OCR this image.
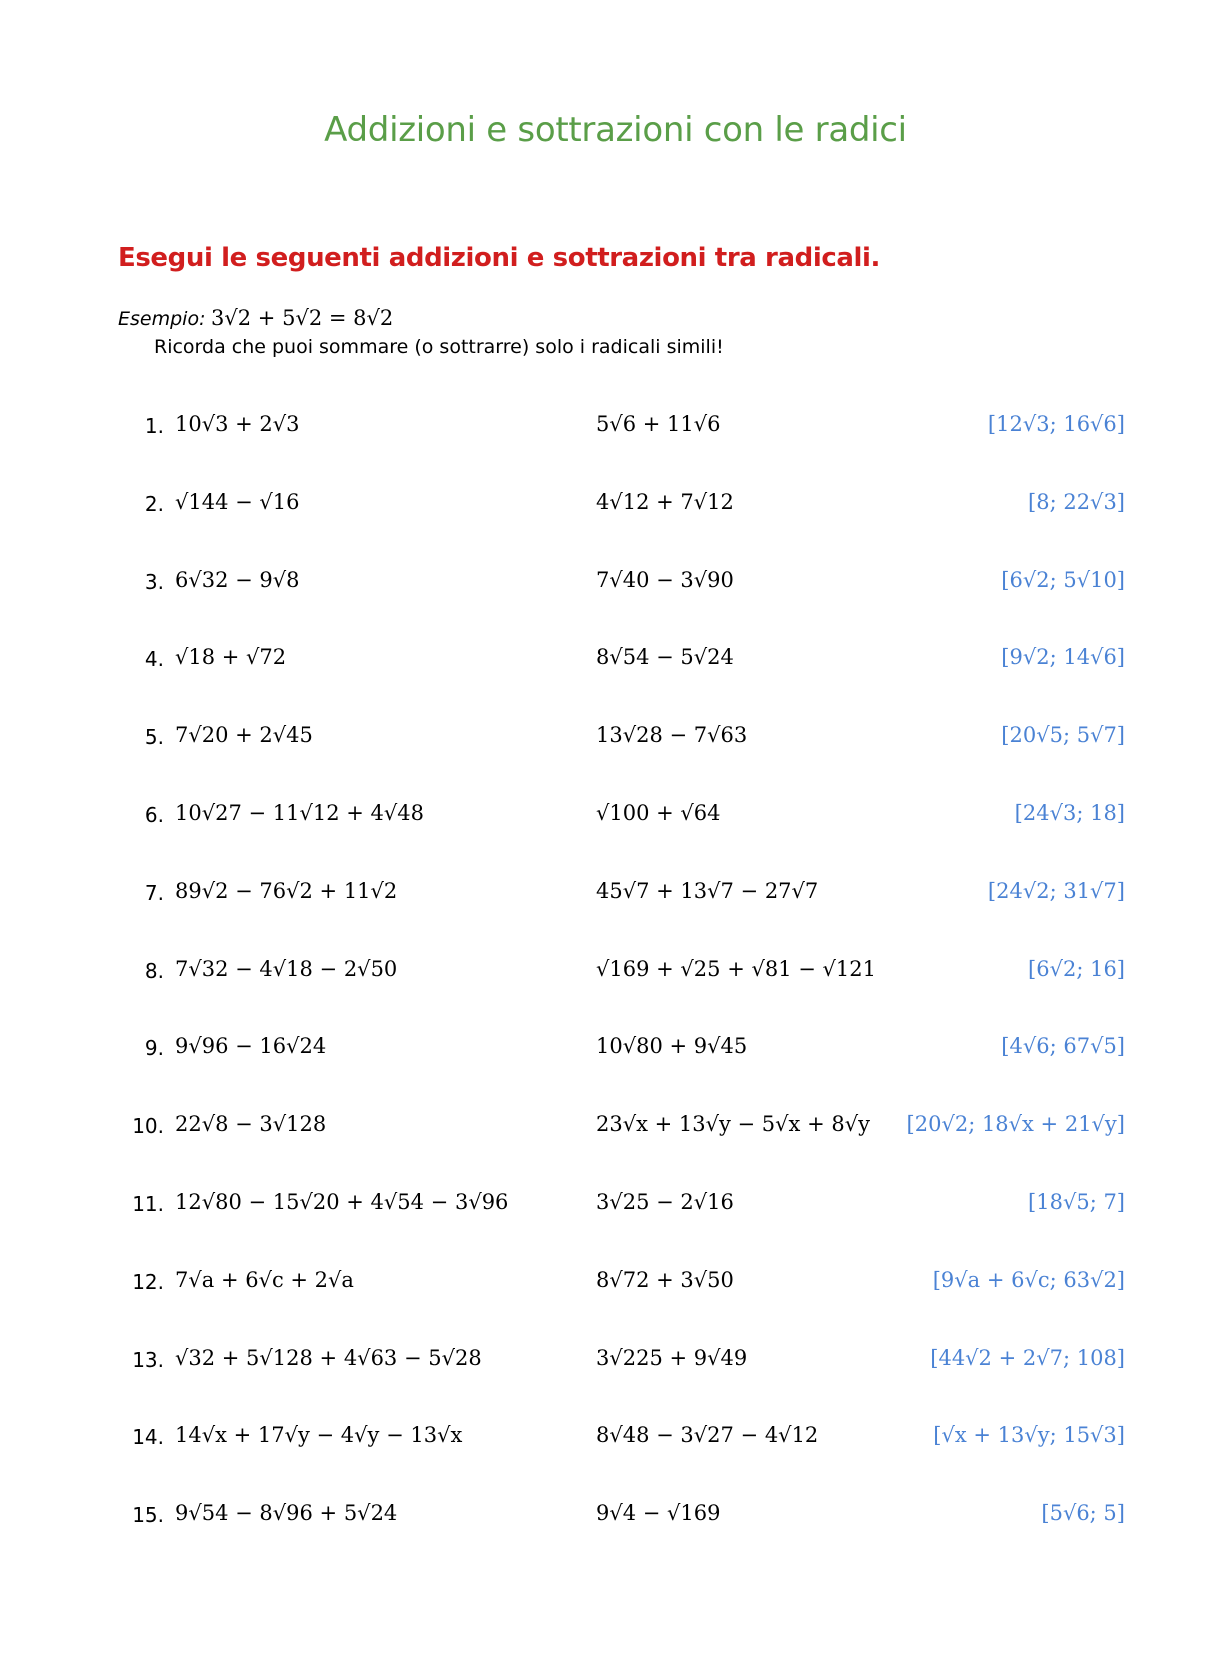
Addizioni e sottrazioni con le radici
Esegui le seguenti addizioni e sottrazioni tra radicali.
Esempio: 3√2 + 5√2 = 8√2
Ricorda che puoi sommare (o sottrarre) solo i radicali simili!
1. 10√3 + 2√3	5√6 + 11√6	[12√3; 16√6]
2. √144 − √16	4√12 + 7√12	[8; 22√3]
3. 6√32 − 9√8	7√40 − 3√90	[6√2; 5√10]
4. √18 + √72	8√54 − 5√24	[9√2; 14√6]
5. 7√20 + 2√45	13√28 − 7√63	[20√5; 5√7]
6. 10√27 − 11√12 + 4√48	√100 + √64	[24√3; 18]
7. 89√2 − 76√2 + 11√2	45√7 + 13√7 − 27√7	[24√2; 31√7]
8. 7√32 − 4√18 − 2√50	√169 + √25 + √81 − √121	[6√2; 16]
9. 9√96 − 16√24	10√80 + 9√45	[4√6; 67√5]
10. 22√8 − 3√128	23√x + 13√y − 5√x + 8√y [20√2; 18√x + 21√y]
11. 12√80 − 15√20 + 4√54 − 3√96	3√25 − 2√16	[18√5; 7]
12. 7√a + 6√c + 2√a	8√72 + 3√50	[9√a + 6√c; 63√2]
13. √32 + 5√128 + 4√63 − 5√28	3√225 + 9√49	[44√2 + 2√7; 108]
14. 14√x + 17√y − 4√y − 13√x	8√48 − 3√27 − 4√12	[√x + 13√y; 15√3]
15. 9√54 − 8√96 + 5√24	9√4 − √169	[5√6; 5]
